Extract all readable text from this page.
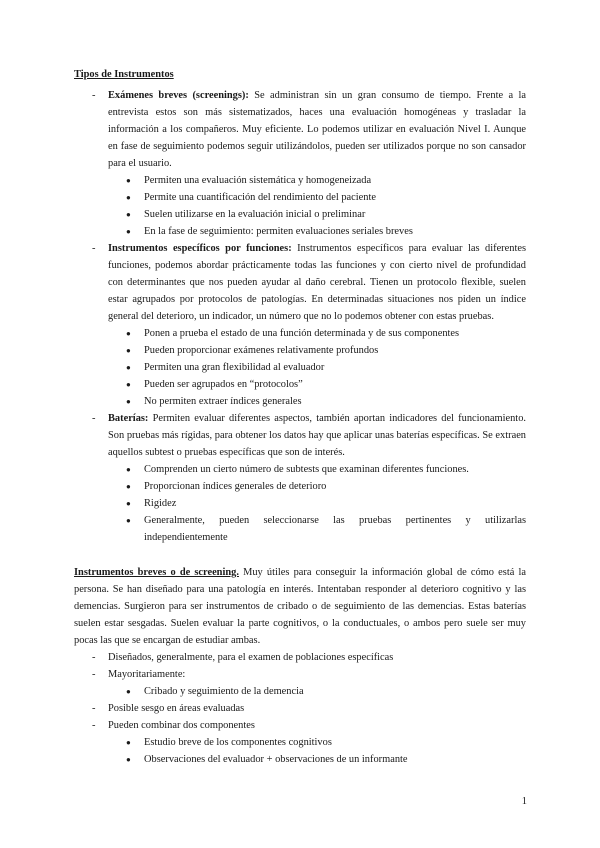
Tipos de Instrumentos
- Exámenes breves (screenings): Se administran sin un gran consumo de tiempo. Frente a la entrevista estos son más sistematizados, haces una evaluación homogéneas y trasladar la información a los compañeros. Muy eficiente. Lo podemos utilizar en evaluación Nivel I. Aunque en fase de seguimiento podemos seguir utilizándolos, pueden ser utilizados porque no son cansador para el usuario.
● Permiten una evaluación sistemática y homogeneizada
● Permite una cuantificación del rendimiento del paciente
● Suelen utilizarse en la evaluación inicial o preliminar
● En la fase de seguimiento: permiten evaluaciones seriales breves
- Instrumentos específicos por funciones: Instrumentos específicos para evaluar las diferentes funciones, podemos abordar prácticamente todas las funciones y con cierto nivel de profundidad con determinantes que nos pueden ayudar al daño cerebral. Tienen un protocolo flexible, suelen estar agrupados por protocolos de patologías. En determinadas situaciones nos piden un índice general del deterioro, un indicador, un número que no lo podemos obtener con estas pruebas.
● Ponen a prueba el estado de una función determinada y de sus componentes
● Pueden proporcionar exámenes relativamente profundos
● Permiten una gran flexibilidad al evaluador
● Pueden ser agrupados en “protocolos”
● No permiten extraer índices generales
- Baterías: Permiten evaluar diferentes aspectos, también aportan indicadores del funcionamiento. Son pruebas más rígidas, para obtener los datos hay que aplicar unas baterías específicas. Se extraen aquellos subtest o pruebas específicas que son de interés.
● Comprenden un cierto número de subtests que examinan diferentes funciones.
● Proporcionan índices generales de deterioro
● Rigidez
● Generalmente, pueden seleccionarse las pruebas pertinentes y utilizarlas independientemente

Instrumentos breves o de screening. Muy útiles para conseguir la información global de cómo está la persona. Se han diseñado para una patología en interés. Intentaban responder al deterioro cognitivo y las demencias. Surgieron para ser instrumentos de cribado o de seguimiento de las demencias. Estas baterías suelen estar sesgadas. Suelen evaluar la parte cognitivos, o la conductuales, o ambos pero suele ser muy pocas las que se encargan de estudiar ambas.

- Diseñados, generalmente, para el examen de poblaciones específicas
- Mayoritariamente:
● Cribado y seguimiento de la demencia
- Posible sesgo en áreas evaluadas
- Pueden combinar dos componentes
● Estudio breve de los componentes cognitivos
● Observaciones del evaluador + observaciones de un informante
1
